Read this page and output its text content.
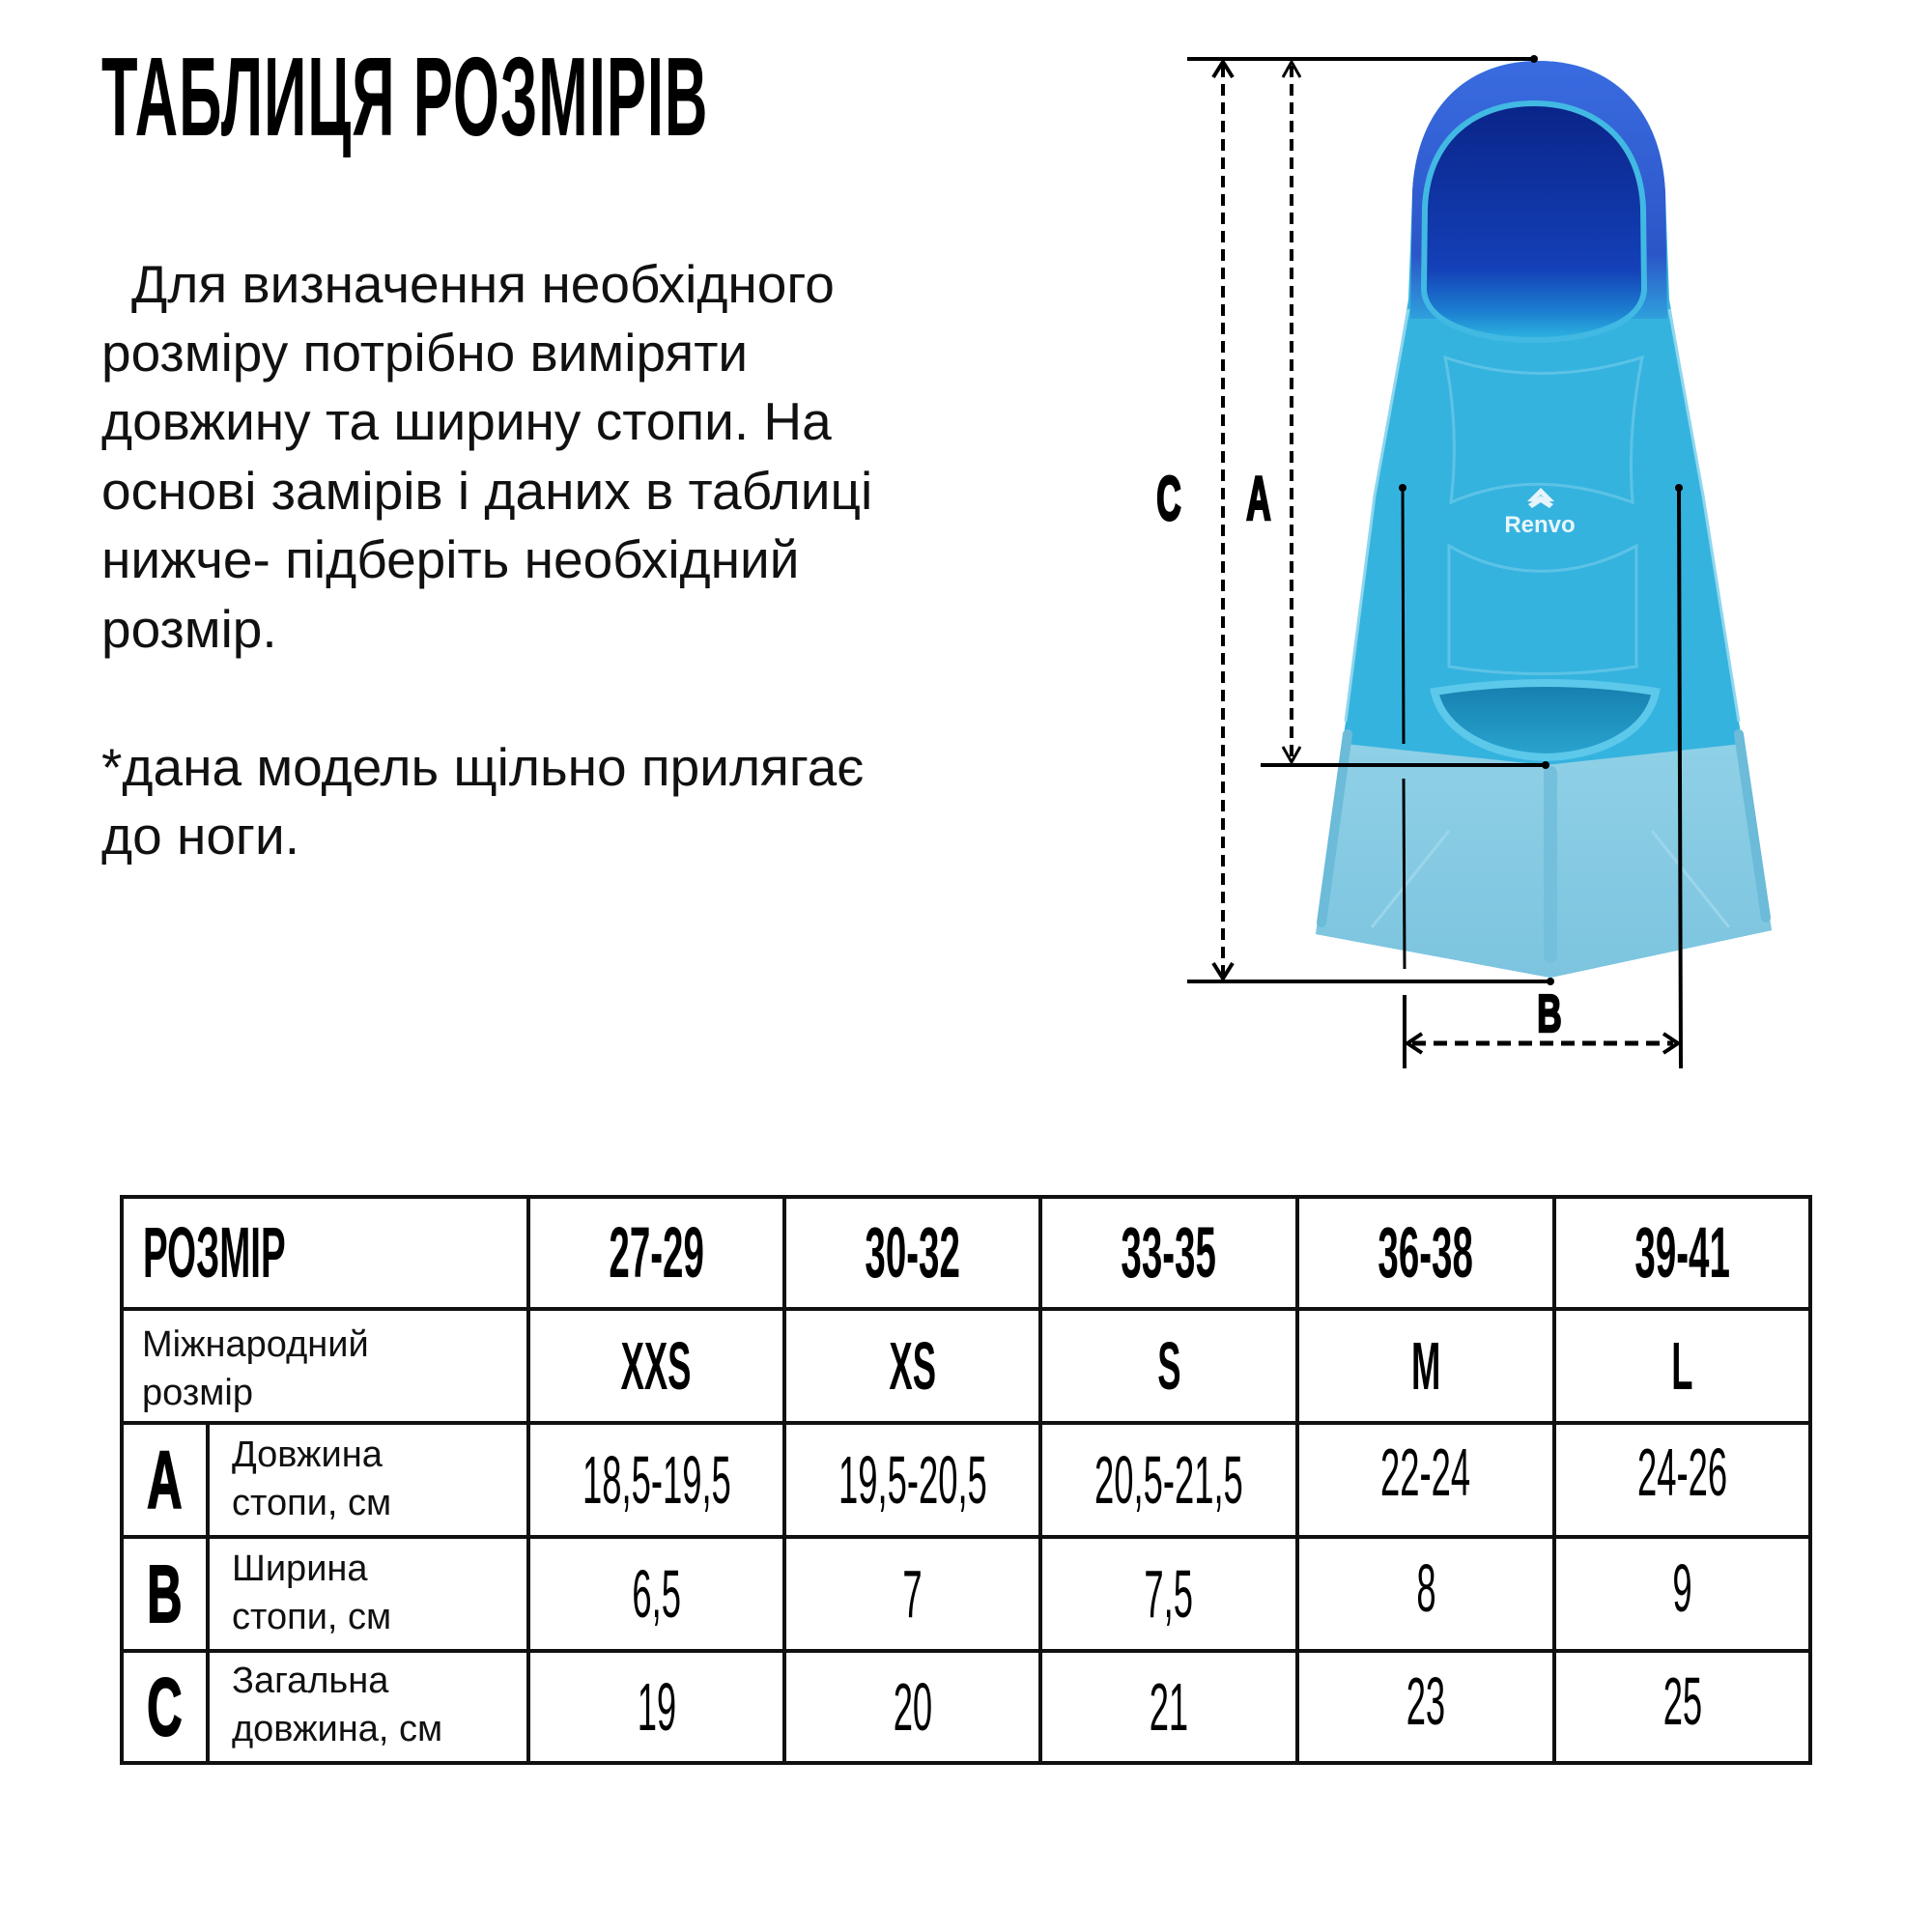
ТАБЛИЦЯ РОЗМІРІВ
Для визначення необхідного
розміру потрібно виміряти
довжину та ширину стопи. На
основі замірів і даних в таблиці
нижче- підберіть необхідний
розмір.
*дана модель щільно прилягає
до ноги.
Renvo
C A
B
РОЗМІР	27-29 30-32 33-35 36-38 39-41
Міжнародний
розмір	XXS	XS	S	M	L
A Довжина
стопи, см	18,5-19,5 19,5-20,5 20,5-21,5 22-24 24-26
B Ширина
стопи, см	6,5	7	7,5	8	9
C Загальна
довжина, см	19	20	21	23	25
